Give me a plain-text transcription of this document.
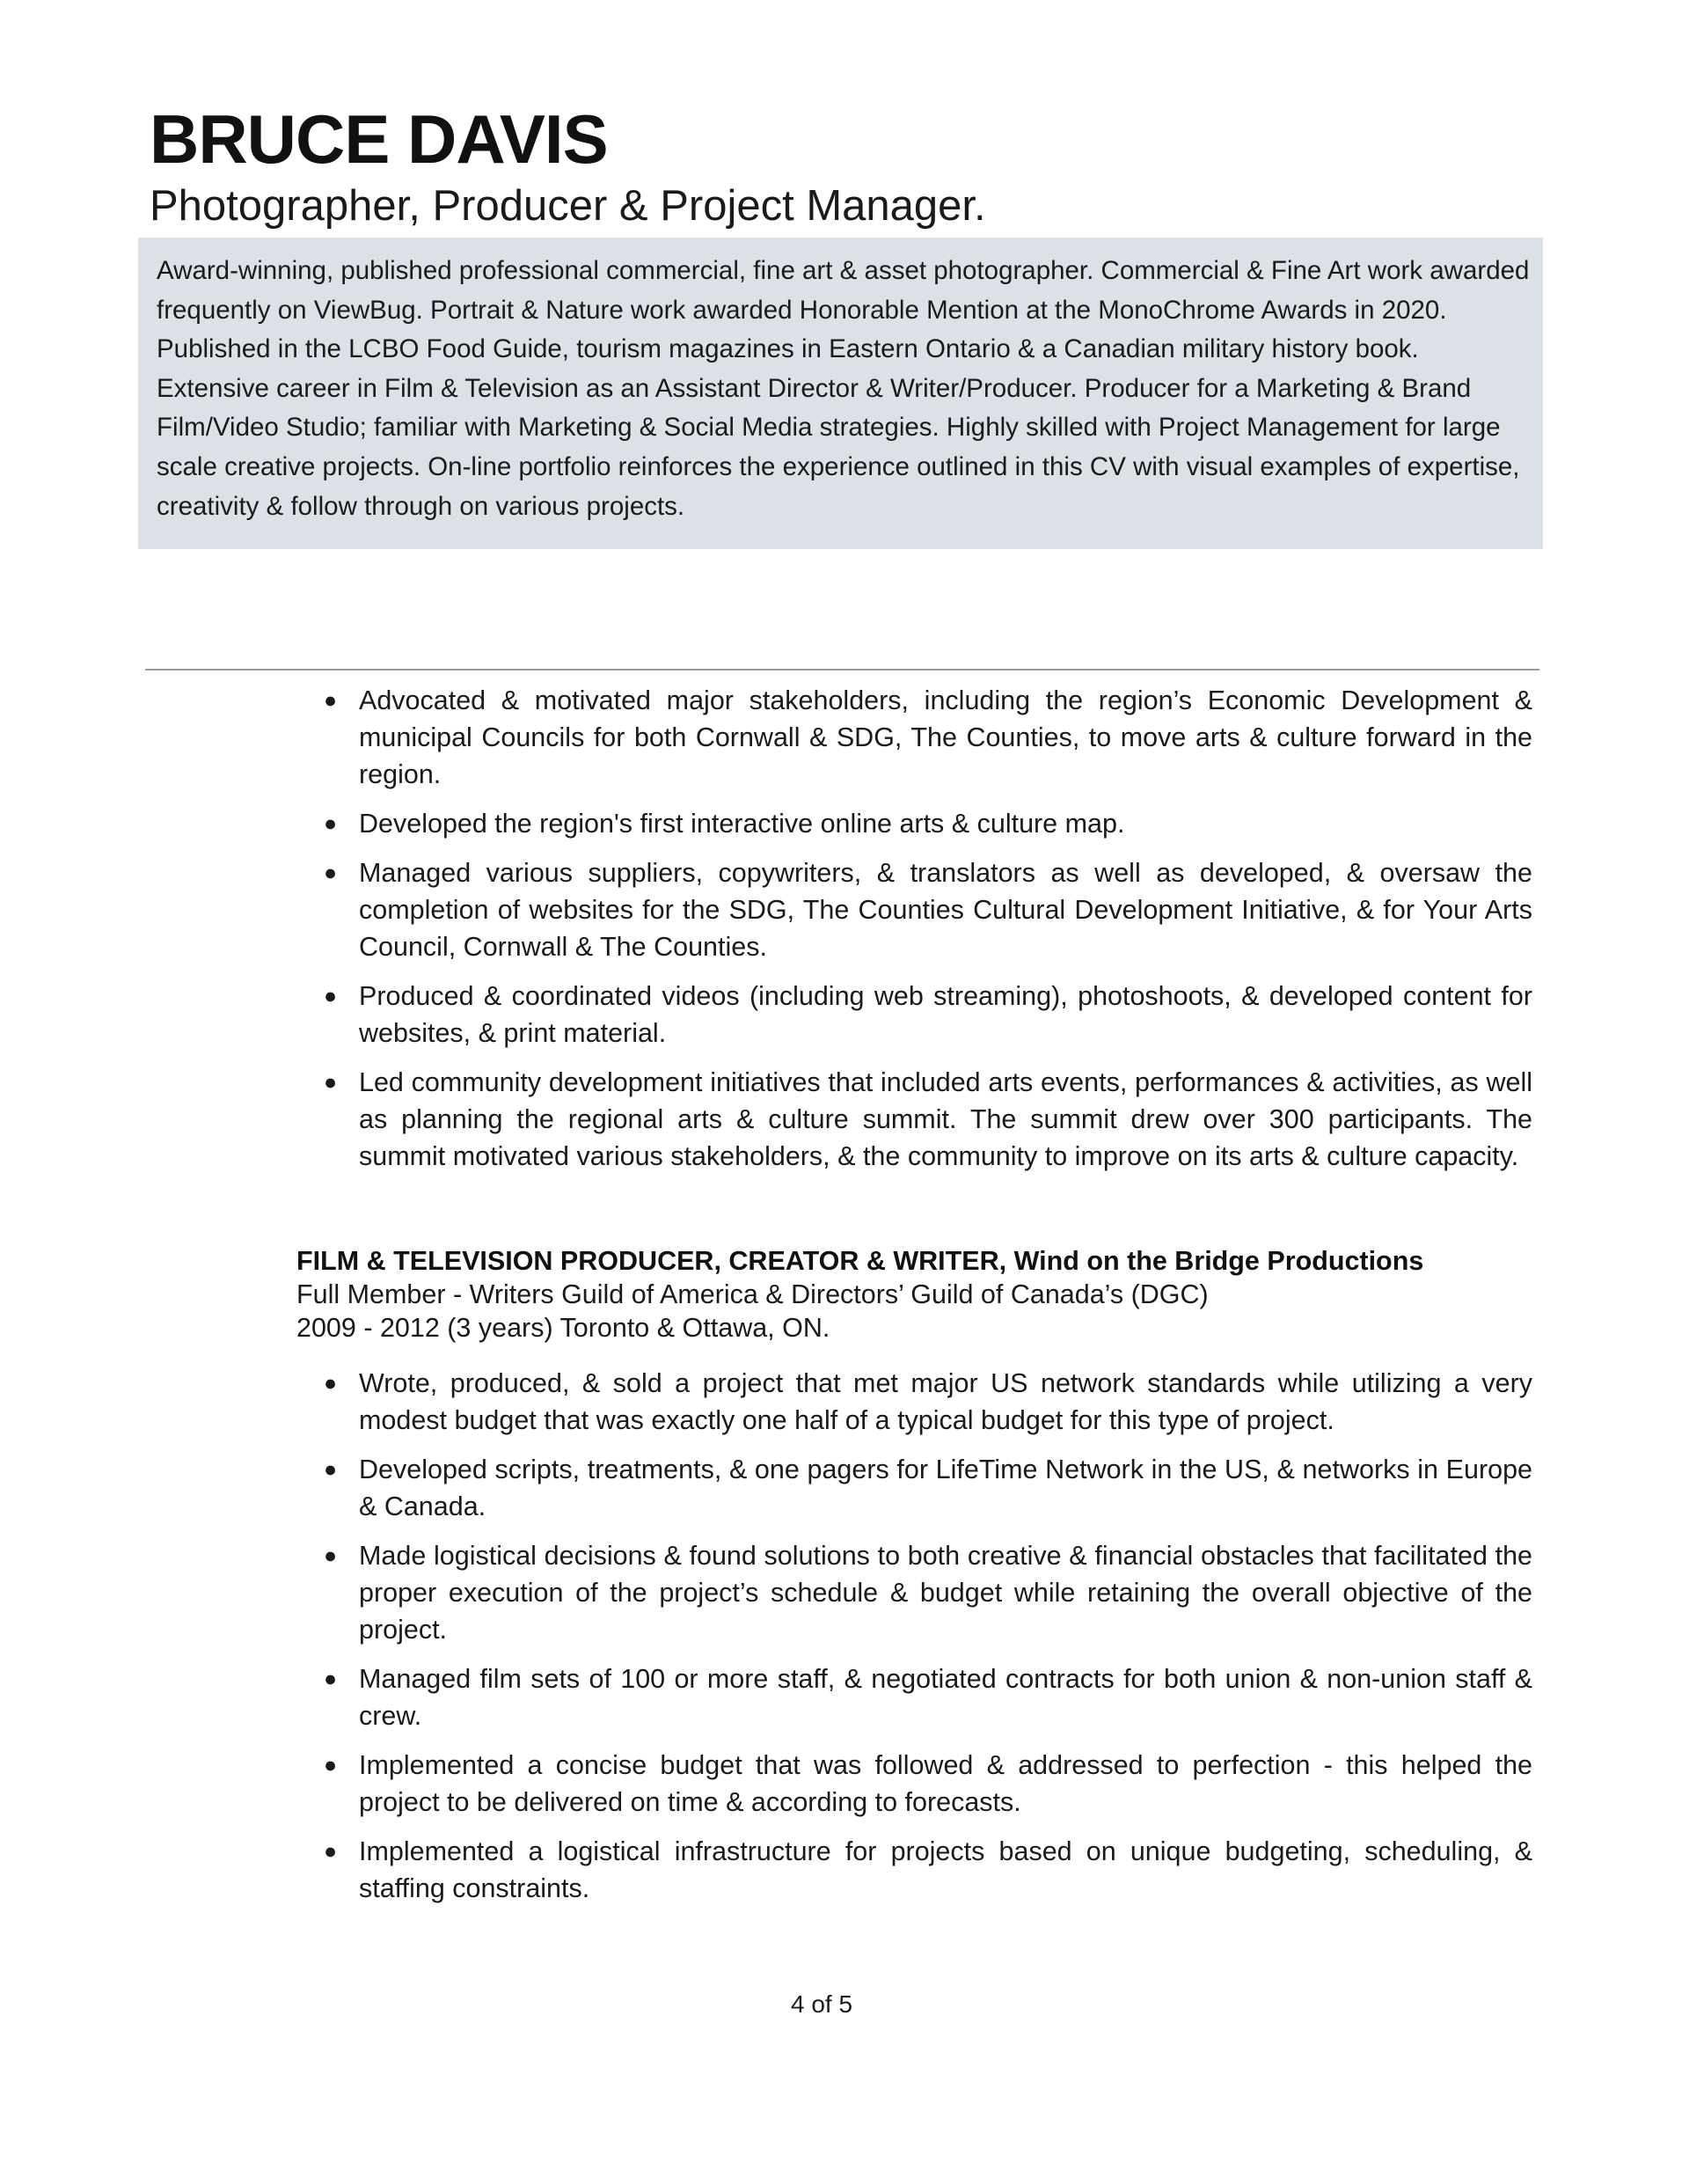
BRUCE DAVIS
Photographer, Producer & Project Manager.
Award-winning, published professional commercial, fine art & asset photographer. Commercial & Fine Art work awarded frequently on ViewBug. Portrait & Nature work awarded Honorable Mention at the MonoChrome Awards in 2020. Published in the LCBO Food Guide, tourism magazines in Eastern Ontario & a Canadian military history book. Extensive career in Film & Television as an Assistant Director & Writer/Producer. Producer for a Marketing & Brand Film/Video Studio; familiar with Marketing & Social Media strategies. Highly skilled with Project Management for large scale creative projects. On-line portfolio reinforces the experience outlined in this CV with visual examples of expertise, creativity & follow through on various projects.
● Advocated & motivated major stakeholders, including the region’s Economic Development & municipal Councils for both Cornwall & SDG, The Counties, to move arts & culture forward in the region.
● Developed the region's first interactive online arts & culture map.
● Managed various suppliers, copywriters, & translators as well as developed, & oversaw the completion of websites for the SDG, The Counties Cultural Development Initiative, & for Your Arts Council, Cornwall & The Counties.
● Produced & coordinated videos (including web streaming), photoshoots, & developed content for websites, & print material.
● Led community development initiatives that included arts events, performances & activities, as well as planning the regional arts & culture summit. The summit drew over 300 participants. The summit motivated various stakeholders, & the community to improve on its arts & culture capacity.
FILM & TELEVISION PRODUCER, CREATOR & WRITER, Wind on the Bridge Productions
Full Member - Writers Guild of America & Directors’ Guild of Canada’s (DGC)
2009 - 2012 (3 years) Toronto & Ottawa, ON.
● Wrote, produced, & sold a project that met major US network standards while utilizing a very modest budget that was exactly one half of a typical budget for this type of project.
● Developed scripts, treatments, & one pagers for LifeTime Network in the US, & networks in Europe & Canada.
● Made logistical decisions & found solutions to both creative & financial obstacles that facilitated the proper execution of the project’s schedule & budget while retaining the overall objective of the project.
● Managed film sets of 100 or more staff, & negotiated contracts for both union & non-union staff & crew.
● Implemented a concise budget that was followed & addressed to perfection - this helped the project to be delivered on time & according to forecasts.
● Implemented a logistical infrastructure for projects based on unique budgeting, scheduling, & staffing constraints.
4 of 5
